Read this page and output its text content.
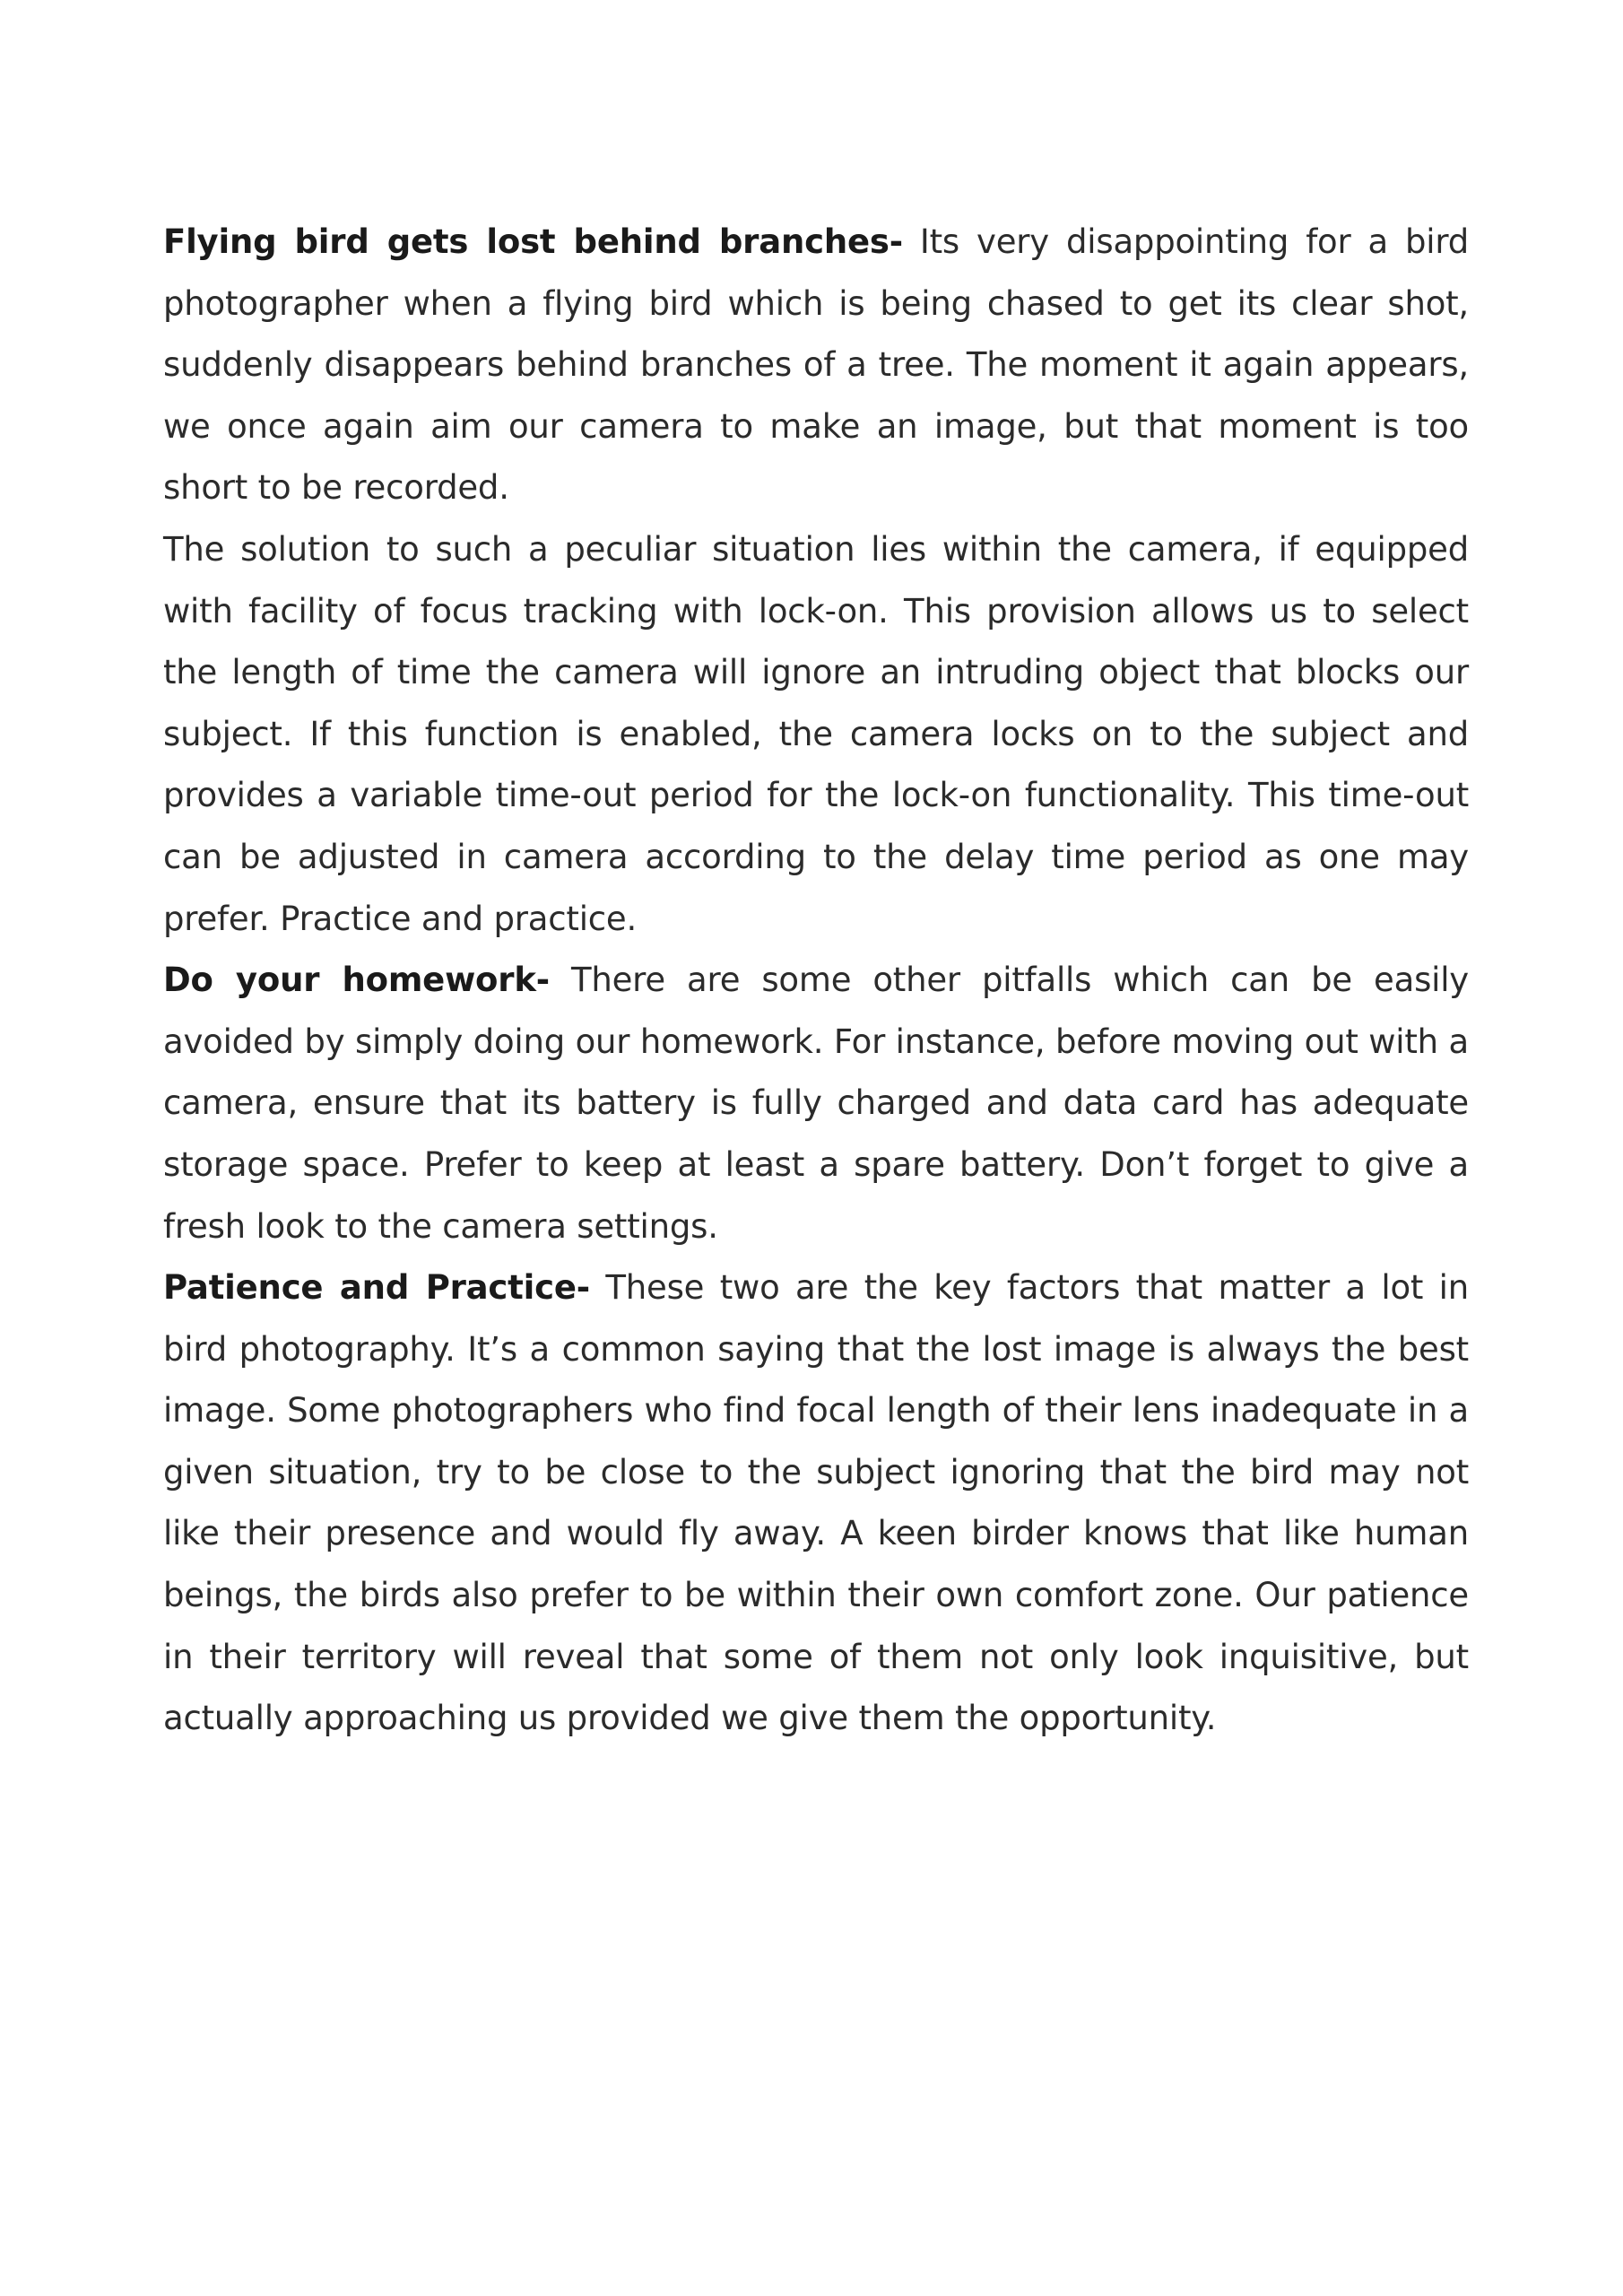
Flying bird gets lost behind branches- Its very disappointing for a bird photographer when a flying bird which is being chased to get its clear shot, suddenly disappears behind branches of a tree. The moment it again appears, we once again aim our camera to make an image, but that moment is too short to be recorded.

The solution to such a peculiar situation lies within the camera, if equipped with facility of focus tracking with lock-on. This provision allows us to select the length of time the camera will ignore an intruding object that blocks our subject. If this function is enabled, the camera locks on to the subject and provides a variable time-out period for the lock-on functionality. This time-out can be adjusted in camera according to the delay time period as one may prefer. Practice and practice.

Do your homework- There are some other pitfalls which can be easily avoided by simply doing our homework. For instance, before moving out with a camera, ensure that its battery is fully charged and data card has adequate storage space. Prefer to keep at least a spare battery. Don’t forget to give a fresh look to the camera settings.

Patience and Practice- These two are the key factors that matter a lot in bird photography. It’s a common saying that the lost image is always the best image. Some photographers who find focal length of their lens inadequate in a given situation, try to be close to the subject ignoring that the bird may not like their presence and would fly away. A keen birder knows that like human beings, the birds also prefer to be within their own comfort zone. Our patience in their territory will reveal that some of them not only look inquisitive, but actually approaching us provided we give them the opportunity.
